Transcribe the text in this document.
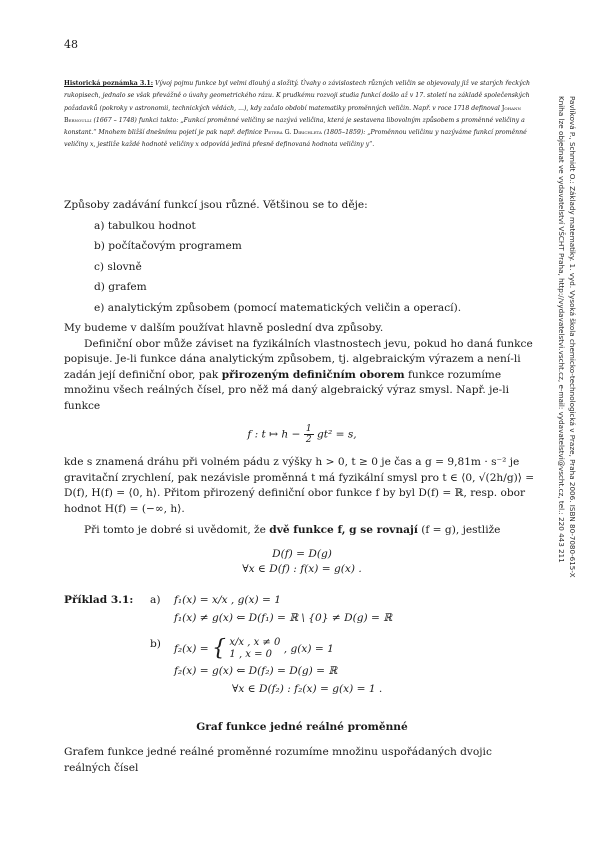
48
Historická poznámka 3.1: Vývoj pojmu funkce byl velmi dlouhý a složitý. Úvahy o závislostech různých veličin se objevovaly již ve starých řeckých rukopisech, jednalo se však převážně o úvahy geometrického rázu. K prudkému rozvoji studia funkcí došlo až v 17. století na základě společenských požadavků (pokroky v astronomii, technických vědách, ...), kdy začalo období matematiky proměnných veličin. Např. v roce 1718 definoval Johann Bernoulli (1667 – 1748) funkci takto: „Funkcí proměnné veličiny se nazývá veličina, která je sestavena libovolným způsobem s proměnné veličiny a konstant.“ Mnohem bližší dnešnímu pojetí je pak např. definice Petera G. Dirichleta (1805–1859): „Proměnnou veličinu y nazýváme funkcí proměnné veličiny x, jestliže každé hodnotě veličiny x odpovídá jediná přesně definovaná hodnota veličiny y“.

Způsoby zadávání funkcí jsou různé. Většinou se to děje:

a) tabulkou hodnot
b) počítačovým programem
c) slovně
d) grafem
e) analytickým způsobem (pomocí matematických veličin a operací).

My budeme v dalším používat hlavně poslední dva způsoby.

Definiční obor může záviset na fyzikálních vlastnostech jevu, pokud ho daná funkce popisuje. Je-li funkce dána analytickým způsobem, tj. algebraickým výrazem a není-li zadán její definiční obor, pak přirozeným definičním oborem funkce rozumíme množinu všech reálných čísel, pro něž má daný algebraický výraz smysl. Např. je-li funkce

f : t ↦ $h - \frac{1}{2} gt^2 = s$,

kde s znamená dráhu při volném pádu z výšky h > 0, t ≥ 0 je čas a g = 9,81m · s⁻² je gravitační zrychlení, pak nezávisle proměnná t má fyzikální smysl pro t ∈ ⟨0, √(2h/g)⟩ = D(f), H(f) = ⟨0, h⟩. Přitom přirozený definiční obor funkce f by byl D(f) = ℝ, resp. obor hodnot H(f) = (−∞, h⟩.

Při tomto je dobré si uvědomit, že dvě funkce f, g se rovnají (f = g), jestliže

D(f) = D(g)
∀x ∈ D(f) : f(x) = g(x) .
Příklad 3.1:	a)	f₁(x) = x/x , g(x) = 1
f₁(x) ≠ g(x) ⇐ D(f₁) = ℝ \ {0} ≠ D(g) = ℝ
b)	f₂(x) = { x/x , x ≠ 0
1 , x = 0	, g(x) = 1
f₂(x) = g(x) ⇐ D(f₂) = D(g) = ℝ
∀x ∈ D(f₂) : f₂(x) = g(x) = 1 .
Graf funkce jedné reálné proměnné

Grafem funkce jedné reálné proměnné rozumíme množinu uspořádaných dvojic reálných čísel

Pavlíková P., Schmidt O.: Základy matematiky. 1. vyd. Vysoká škola chemicko-technologická v Praze, Praha 2006. ISBN 80-7080-615-X
Kniha lze objednat ve vydavatelství VŠCHT Praha, http://vydavatelstvi.vscht.cz, e-mail: vydavatelstvi@vscht.cz, tel.: 220 443 211
